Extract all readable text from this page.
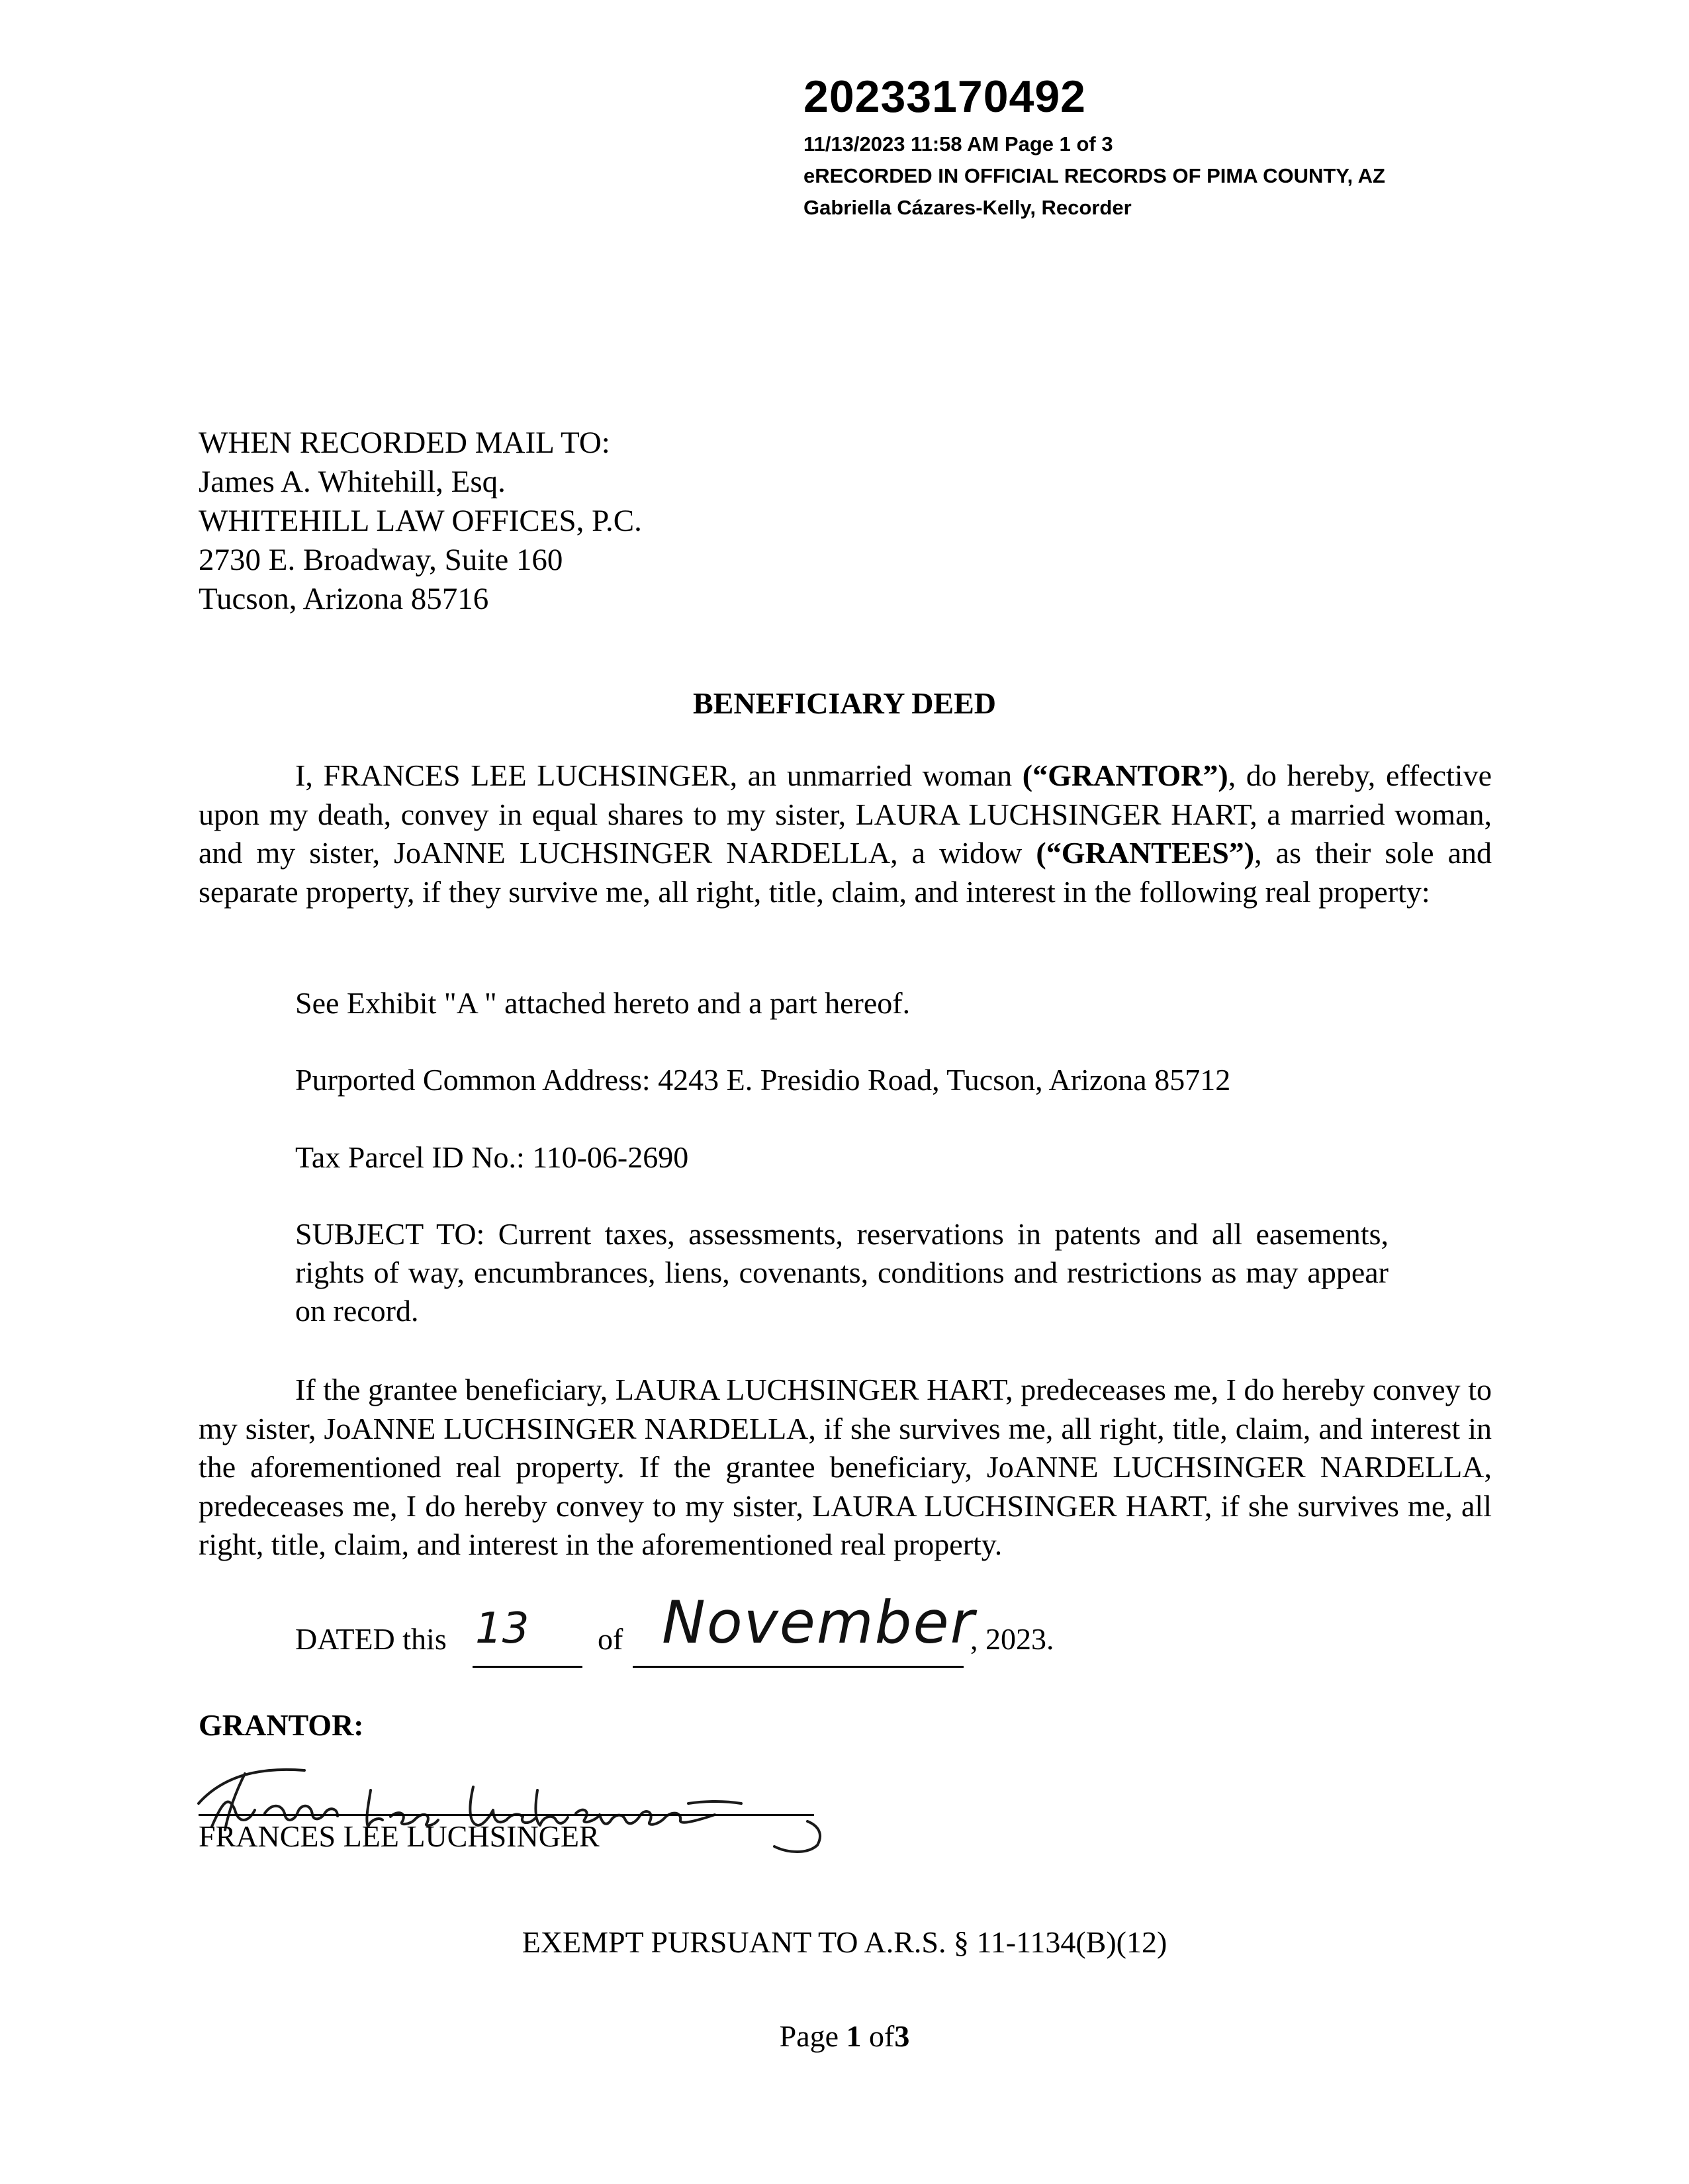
20233170492
11/13/2023 11:58 AM Page 1 of 3
eRECORDED IN OFFICIAL RECORDS OF PIMA COUNTY, AZ
Gabriella Cázares-Kelly, Recorder
WHEN RECORDED MAIL TO:
James A. Whitehill, Esq.
WHITEHILL LAW OFFICES, P.C.
2730 E. Broadway, Suite 160
Tucson, Arizona 85716
BENEFICIARY DEED
I, FRANCES LEE LUCHSINGER, an unmarried woman (“GRANTOR”), do hereby, effective upon my death, convey in equal shares to my sister, LAURA LUCHSINGER HART, a married woman, and my sister, JoANNE LUCHSINGER NARDELLA, a widow (“GRANTEES”), as their sole and separate property, if they survive me, all right, title, claim, and interest in the following real property:
See Exhibit "A " attached hereto and a part hereof.
Purported Common Address: 4243 E. Presidio Road, Tucson, Arizona 85712
Tax Parcel ID No.: 110-06-2690
SUBJECT TO: Current taxes, assessments, reservations in patents and all easements, rights of way, encumbrances, liens, covenants, conditions and restrictions as may appear on record.
If the grantee beneficiary, LAURA LUCHSINGER HART, predeceases me, I do hereby convey to my sister, JoANNE LUCHSINGER NARDELLA, if she survives me, all right, title, claim, and interest in the aforementioned real property. If the grantee beneficiary, JoANNE LUCHSINGER NARDELLA, predeceases me, I do hereby convey to my sister, LAURA LUCHSINGER HART, if she survives me, all right, title, claim, and interest in the aforementioned real property.
DATED this 13 of November
, 2023.
GRANTOR:
FRANCES LEE LUCHSINGER
EXEMPT PURSUANT TO A.R.S. § 11-1134(B)(12)
Page 1 of3
